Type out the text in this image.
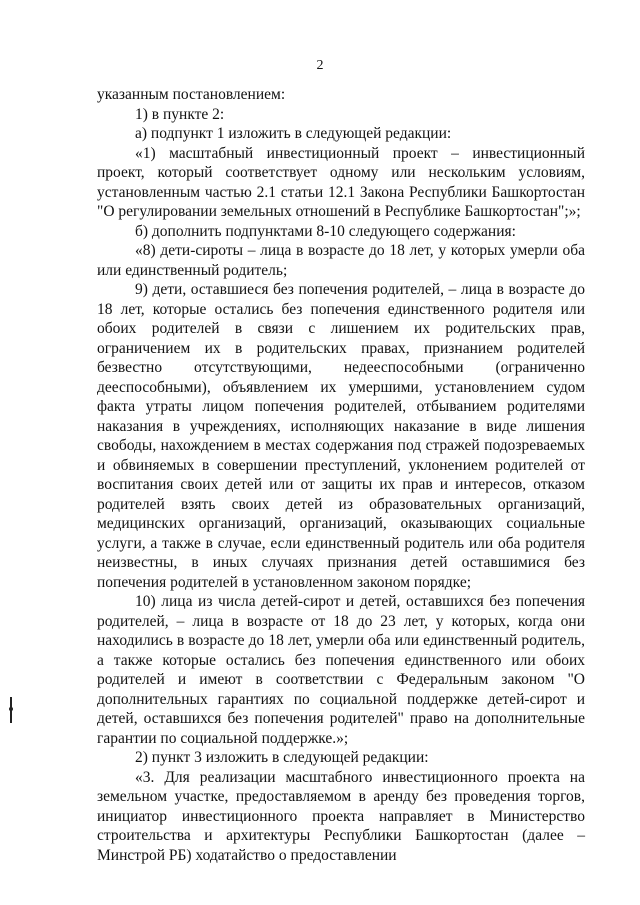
2

указанным постановлением:

1) в пункте 2:

а) подпункт 1 изложить в следующей редакции:

«1) масштабный инвестиционный проект – инвестиционный проект, который соответствует одному или нескольким условиям, установленным частью 2.1 статьи 12.1 Закона Республики Башкортостан "О регулировании земельных отношений в Республике Башкортостан";»;

б) дополнить подпунктами 8-10 следующего содержания:

«8) дети-сироты – лица в возрасте до 18 лет, у которых умерли оба или единственный родитель;

9) дети, оставшиеся без попечения родителей, – лица в возрасте до 18 лет, которые остались без попечения единственного родителя или обоих родителей в связи с лишением их родительских прав, ограничением их в родительских правах, признанием родителей безвестно отсутствующими, недееспособными (ограниченно дееспособными), объявлением их умершими, установлением судом факта утраты лицом попечения родителей, отбыванием родителями наказания в учреждениях, исполняющих наказание в виде лишения свободы, нахождением в местах содержания под стражей подозреваемых и обвиняемых в совершении преступлений, уклонением родителей от воспитания своих детей или от защиты их прав и интересов, отказом родителей взять своих детей из образовательных организаций, медицинских организаций, организаций, оказывающих социальные услуги, а также в случае, если единственный родитель или оба родителя неизвестны, в иных случаях признания детей оставшимися без попечения родителей в установленном законом порядке;

10) лица из числа детей-сирот и детей, оставшихся без попечения родителей, – лица в возрасте от 18 до 23 лет, у которых, когда они находились в возрасте до 18 лет, умерли оба или единственный родитель, а также которые остались без попечения единственного или обоих родителей и имеют в соответствии с Федеральным законом "О дополнительных гарантиях по социальной поддержке детей-сирот и детей, оставшихся без попечения родителей" право на дополнительные гарантии по социальной поддержке.»;

2) пункт 3 изложить в следующей редакции:

«3. Для реализации масштабного инвестиционного проекта на земельном участке, предоставляемом в аренду без проведения торгов, инициатор инвестиционного проекта направляет в Министерство строительства и архитектуры Республики Башкортостан (далее – Минстрой РБ) ходатайство о предоставлении
